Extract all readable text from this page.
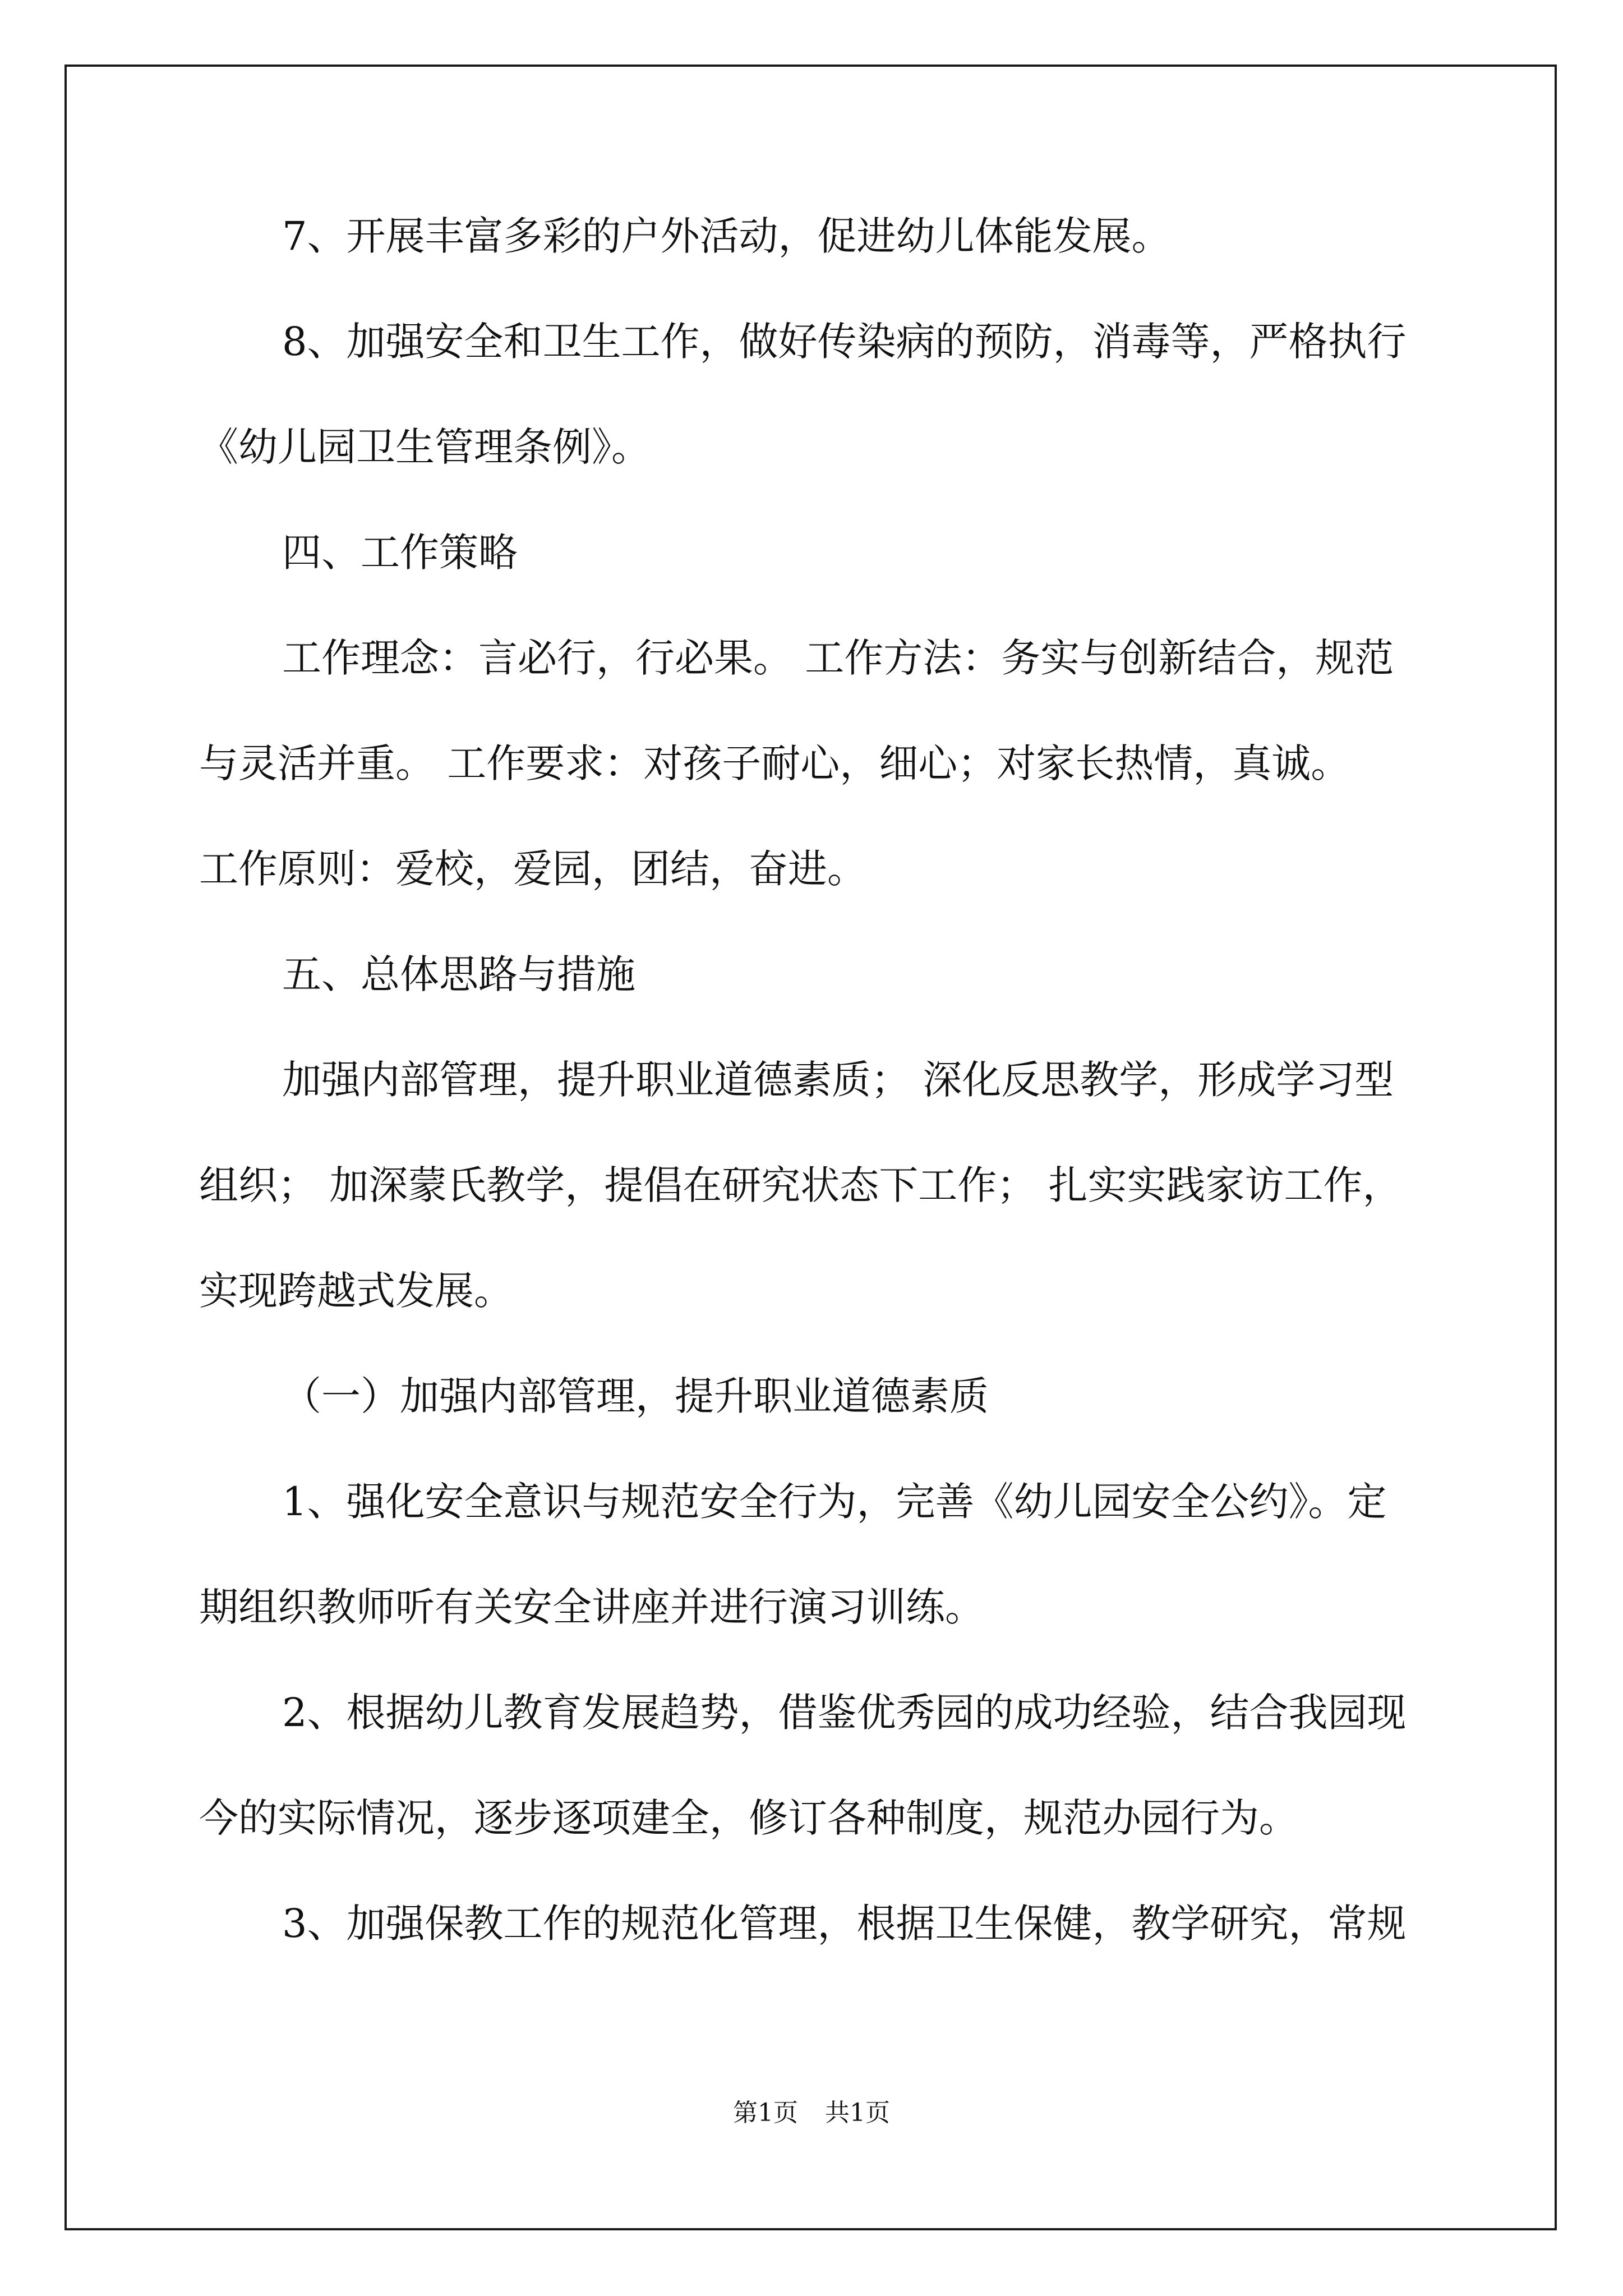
7、开展丰富多彩的户外活动，促进幼儿体能发展。

8、加强安全和卫生工作，做好传染病的预防，消毒等，严格执行
《幼儿园卫生管理条例》。

四、工作策略

工作理念：言必行，行必果。 工作方法：务实与创新结合，规范
与灵活并重。 工作要求：对孩子耐心，细心；对家长热情，真诚。
工作原则：爱校，爱园，团结，奋进。

五、总体思路与措施

加强内部管理，提升职业道德素质； 深化反思教学，形成学习型
组织； 加深蒙氏教学，提倡在研究状态下工作； 扎实实践家访工作，
实现跨越式发展。

（一）加强内部管理，提升职业道德素质

1、强化安全意识与规范安全行为，完善《幼儿园安全公约》。定
期组织教师听有关安全讲座并进行演习训练。

2、根据幼儿教育发展趋势，借鉴优秀园的成功经验，结合我园现
今的实际情况，逐步逐项建全，修订各种制度，规范办园行为。

3、加强保教工作的规范化管理，根据卫生保健，教学研究，常规

第1页 共1页
